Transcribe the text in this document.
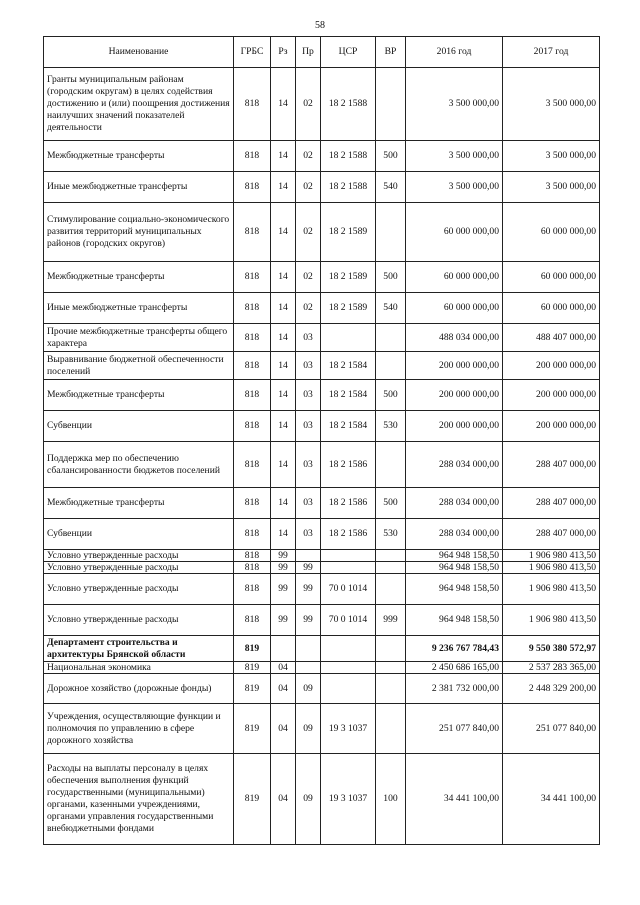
58
Наименование	ГРБС	Рз	Пр	ЦСР	ВР	2016 год	2017 год
Гранты муниципальным районам (городским округам) в целях содействия достижению и (или) поощрения достижения наилучших значений показателей деятельности	818	14	02	18 2 1588		3 500 000,00	3 500 000,00
Межбюджетные трансферты	818	14	02	18 2 1588	500	3 500 000,00	3 500 000,00
Иные межбюджетные трансферты	818	14	02	18 2 1588	540	3 500 000,00	3 500 000,00
Стимулирование социально-экономического развития территорий муниципальных районов (городских округов)	818	14	02	18 2 1589		60 000 000,00	60 000 000,00
Межбюджетные трансферты	818	14	02	18 2 1589	500	60 000 000,00	60 000 000,00
Иные межбюджетные трансферты	818	14	02	18 2 1589	540	60 000 000,00	60 000 000,00
Прочие межбюджетные трансферты общего характера	818	14	03			488 034 000,00	488 407 000,00
Выравнивание бюджетной обеспеченности поселений	818	14	03	18 2 1584		200 000 000,00	200 000 000,00
Межбюджетные трансферты	818	14	03	18 2 1584	500	200 000 000,00	200 000 000,00
Субвенции	818	14	03	18 2 1584	530	200 000 000,00	200 000 000,00
Поддержка мер по обеспечению сбалансированности бюджетов поселений	818	14	03	18 2 1586		288 034 000,00	288 407 000,00
Межбюджетные трансферты	818	14	03	18 2 1586	500	288 034 000,00	288 407 000,00
Субвенции	818	14	03	18 2 1586	530	288 034 000,00	288 407 000,00
Условно утвержденные расходы	818	99				964 948 158,50	1 906 980 413,50
Условно утвержденные расходы	818	99	99			964 948 158,50	1 906 980 413,50
Условно утвержденные расходы	818	99	99	70 0 1014		964 948 158,50	1 906 980 413,50
Условно утвержденные расходы	818	99	99	70 0 1014	999	964 948 158,50	1 906 980 413,50
Департамент строительства и архитектуры Брянской области	819					9 236 767 784,43	9 550 380 572,97
Национальная экономика	819	04				2 450 686 165,00	2 537 283 365,00
Дорожное хозяйство (дорожные фонды)	819	04	09			2 381 732 000,00	2 448 329 200,00
Учреждения, осуществляющие функции и полномочия по управлению в сфере дорожного хозяйства	819	04	09	19 3 1037		251 077 840,00	251 077 840,00
Расходы на выплаты персоналу в целях обеспечения выполнения функций государственными (муниципальными) органами, казенными учреждениями, органами управления государственными внебюджетными фондами	819	04	09	19 3 1037	100	34 441 100,00	34 441 100,00
